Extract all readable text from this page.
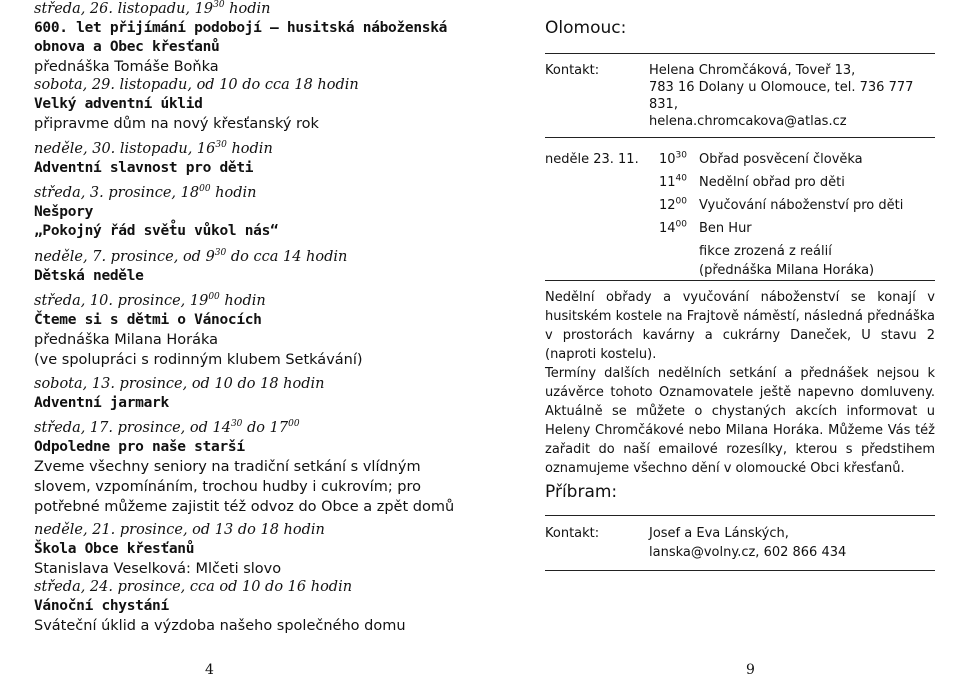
středa, 26. listopadu, $19^{30}$ hodin
600. let přijímání podobojí – husitská náboženská
obnova a Obec křesťanů
přednáška Tomáše Boňka
sobota, 29. listopadu, od 10 do cca 18 hodin
Velký adventní úklid
připravme dům na nový křesťanský rok
neděle, 30. listopadu, $16^{30}$ hodin
Adventní slavnost pro děti
středa, 3. prosince, $18^{00}$ hodin
Nešpory
„Pokojný řád svět̊u vůkol nás“
neděle, 7. prosince, od $9^{30}$ do cca 14 hodin
Dětská neděle
středa, 10. prosince, $19^{00}$ hodin
Čteme si s dětmi o Vánocích
přednáška Milana Horáka
(ve spolupráci s rodinným klubem Setkávání)
sobota, 13. prosince, od 10 do 18 hodin
Adventní jarmark
středa, 17. prosince, od $14^{30}$ do $17^{00}$
Odpoledne pro naše starší
Zveme všechny seniory na tradiční setkání s vlídným
slovem, vzpomínáním, trochou hudby i cukrovím; pro
potřebné můžeme zajistit též odvoz do Obce a zpět domů
neděle, 21. prosince, od 13 do 18 hodin
Škola Obce křesťanů
Stanislava Veselková: Mlčeti slovo
středa, 24. prosince, cca od 10 do 16 hodin
Vánoční chystání
Sváteční úklid a výzdoba našeho společného domu
Olomouc:
Kontakt:	Helena Chromčáková, Toveř 13,
783 16 Dolany u Olomouce, tel. 736 777 831,
helena.chromcakova@atlas.cz
neděle 23. 11.	$10^{30}$ Obřad posvěcení člověka
$11^{40}$ Nedělní obřad pro děti
$12^{00}$ Vyučování náboženství pro děti
$14^{00}$ Ben Hur
fikce zrozená z reálií
(přednáška Milana Horáka)

Nedělní obřady a vyučování náboženství se konají v husitském kostele na Frajtově náměstí, následná přednáška v prostorách kavárny a cukrárny Daneček, U stavu 2 (naproti kostelu).

Termíny dalších nedělních setkání a přednášek nejsou k uzávěrce tohoto Oznamovatele ještě napevno domluveny. Aktuálně se můžete o chystaných akcích informovat u Heleny Chromčákové nebo Milana Horáka. Můžeme Vás též zařadit do naší emailové rozesílky, kterou s předstihem oznamujeme všechno dění v olomoucké Obci křesťanů.

Příbram:
Kontakt:	Josef a Eva Lánských,
lanska@volny.cz, 602 866 434
4	9
